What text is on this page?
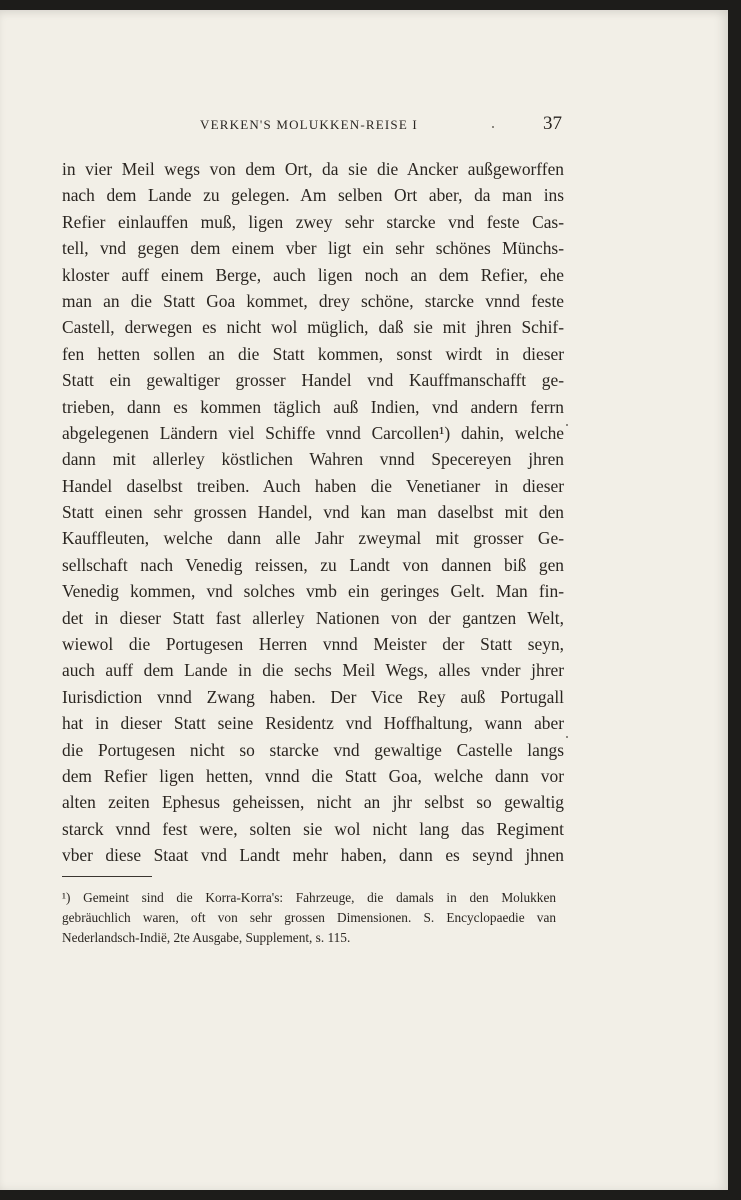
VERKEN'S MOLUKKEN-REISE I	37
in vier Meil wegs von dem Ort, da sie die Ancker außgeworffen
nach dem Lande zu gelegen. Am selben Ort aber, da man ins
Refier einlauffen muß, ligen zwey sehr starcke vnd feste Cas-
tell, vnd gegen dem einem vber ligt ein sehr schönes Münchs-
kloster auff einem Berge, auch ligen noch an dem Refier, ehe
man an die Statt Goa kommet, drey schöne, starcke vnnd feste
Castell, derwegen es nicht wol müglich, daß sie mit jhren Schif-
fen hetten sollen an die Statt kommen, sonst wirdt in dieser
Statt ein gewaltiger grosser Handel vnd Kauffmanschafft ge-
trieben, dann es kommen täglich auß Indien, vnd andern ferrn
abgelegenen Ländern viel Schiffe vnnd Carcollen¹) dahin, welche
dann mit allerley köstlichen Wahren vnnd Specereyen jhren
Handel daselbst treiben. Auch haben die Venetianer in dieser
Statt einen sehr grossen Handel, vnd kan man daselbst mit den
Kauffleuten, welche dann alle Jahr zweymal mit grosser Ge-
sellschaft nach Venedig reissen, zu Landt von dannen biß gen
Venedig kommen, vnd solches vmb ein geringes Gelt. Man fin-
det in dieser Statt fast allerley Nationen von der gantzen Welt,
wiewol die Portugesen Herren vnnd Meister der Statt seyn,
auch auff dem Lande in die sechs Meil Wegs, alles vnder jhrer
Iurisdiction vnnd Zwang haben. Der Vice Rey auß Portugall
hat in dieser Statt seine Residentz vnd Hoffhaltung, wann aber
die Portugesen nicht so starcke vnd gewaltige Castelle langs
dem Refier ligen hetten, vnnd die Statt Goa, welche dann vor
alten zeiten Ephesus geheissen, nicht an jhr selbst so gewaltig
starck vnnd fest were, solten sie wol nicht lang das Regiment
vber diese Staat vnd Landt mehr haben, dann es seynd jhnen
¹) Gemeint sind die Korra-Korra's: Fahrzeuge, die damals in den Molukken
gebräuchlich waren, oft von sehr grossen Dimensionen. S. Encyclopaedie van
Nederlandsch-Indië, 2te Ausgabe, Supplement, s. 115.
